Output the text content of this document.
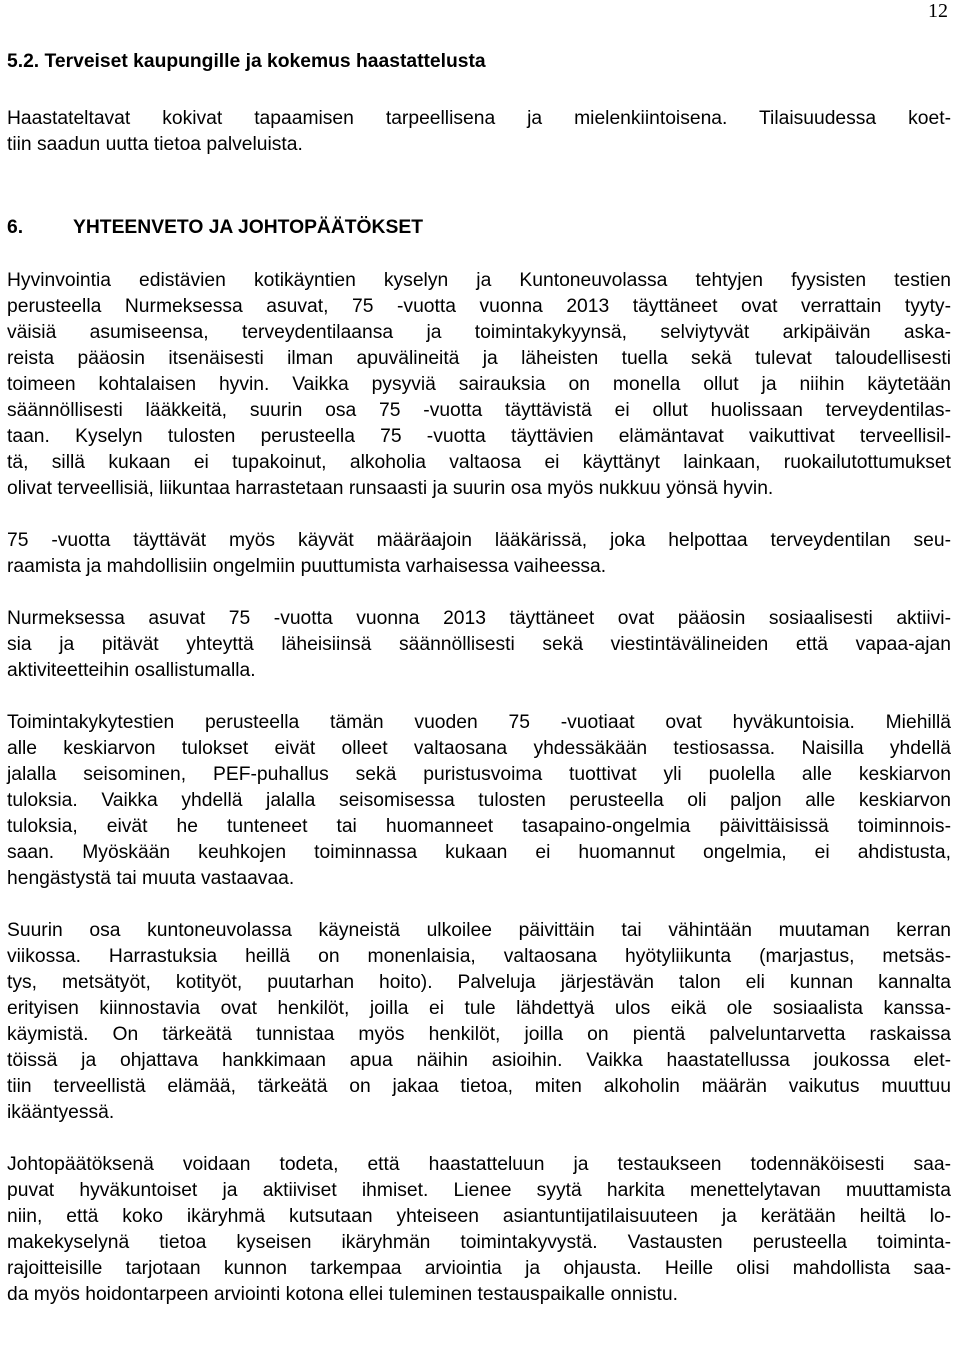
12
5.2. Terveiset kaupungille ja kokemus haastattelusta
Haastateltavat kokivat tapaamisen tarpeellisena ja mielenkiintoisena. Tilaisuudessa koet-
tiin saadun uutta tietoa palveluista.
6.	YHTEENVETO JA JOHTOPÄÄTÖKSET
Hyvinvointia edistävien kotikäyntien kyselyn ja Kuntoneuvolassa tehtyjen fyysisten testien
perusteella Nurmeksessa asuvat, 75 -vuotta vuonna 2013 täyttäneet ovat verrattain tyyty-
väisiä asumiseensa, terveydentilaansa ja toimintakykyynsä, selviytyvät arkipäivän aska-
reista pääosin itsenäisesti ilman apuvälineitä ja läheisten tuella sekä tulevat taloudellisesti
toimeen kohtalaisen hyvin. Vaikka pysyviä sairauksia on monella ollut ja niihin käytetään
säännöllisesti lääkkeitä, suurin osa 75 -vuotta täyttävistä ei ollut huolissaan terveydentilas-
taan. Kyselyn tulosten perusteella 75 -vuotta täyttävien elämäntavat vaikuttivat terveellisil-
tä, sillä kukaan ei tupakoinut, alkoholia valtaosa ei käyttänyt lainkaan, ruokailutottumukset
olivat terveellisiä, liikuntaa harrastetaan runsaasti ja suurin osa myös nukkuu yönsä hyvin.
75 -vuotta täyttävät myös käyvät määräajoin lääkärissä, joka helpottaa terveydentilan seu-
raamista ja mahdollisiin ongelmiin puuttumista varhaisessa vaiheessa.
Nurmeksessa asuvat 75 -vuotta vuonna 2013 täyttäneet ovat pääosin sosiaalisesti aktiivi-
sia ja pitävät yhteyttä läheisiinsä säännöllisesti sekä viestintävälineiden että vapaa-ajan
aktiviteetteihin osallistumalla.
Toimintakykytestien perusteella tämän vuoden 75 -vuotiaat ovat hyväkuntoisia. Miehillä
alle keskiarvon tulokset eivät olleet valtaosana yhdessäkään testiosassa. Naisilla yhdellä
jalalla seisominen, PEF-puhallus sekä puristusvoima tuottivat yli puolella alle keskiarvon
tuloksia. Vaikka yhdellä jalalla seisomisessa tulosten perusteella oli paljon alle keskiarvon
tuloksia, eivät he tunteneet tai huomanneet tasapaino-ongelmia päivittäisissä toiminnois-
saan. Myöskään keuhkojen toiminnassa kukaan ei huomannut ongelmia, ei ahdistusta,
hengästystä tai muuta vastaavaa.
Suurin osa kuntoneuvolassa käyneistä ulkoilee päivittäin tai vähintään muutaman kerran
viikossa. Harrastuksia heillä on monenlaisia, valtaosana hyötyliikunta (marjastus, metsäs-
tys, metsätyöt, kotityöt, puutarhan hoito). Palveluja järjestävän talon eli kunnan kannalta
erityisen kiinnostavia ovat henkilöt, joilla ei tule lähdettyä ulos eikä ole sosiaalista kanssa-
käymistä. On tärkeätä tunnistaa myös henkilöt, joilla on pientä palveluntarvetta raskaissa
töissä ja ohjattava hankkimaan apua näihin asioihin. Vaikka haastatellussa joukossa elet-
tiin terveellistä elämää, tärkeätä on jakaa tietoa, miten alkoholin määrän vaikutus muuttuu
ikääntyessä.
Johtopäätöksenä voidaan todeta, että haastatteluun ja testaukseen todennäköisesti saa-
puvat hyväkuntoiset ja aktiiviset ihmiset. Lienee syytä harkita menettelytavan muuttamista
niin, että koko ikäryhmä kutsutaan yhteiseen asiantuntijatilaisuuteen ja kerätään heiltä lo-
makekyselynä tietoa kyseisen ikäryhmän toimintakyvystä. Vastausten perusteella toiminta-
rajoitteisille tarjotaan kunnon tarkempaa arviointia ja ohjausta. Heille olisi mahdollista saa-
da myös hoidontarpeen arviointi kotona ellei tuleminen testauspaikalle onnistu.
